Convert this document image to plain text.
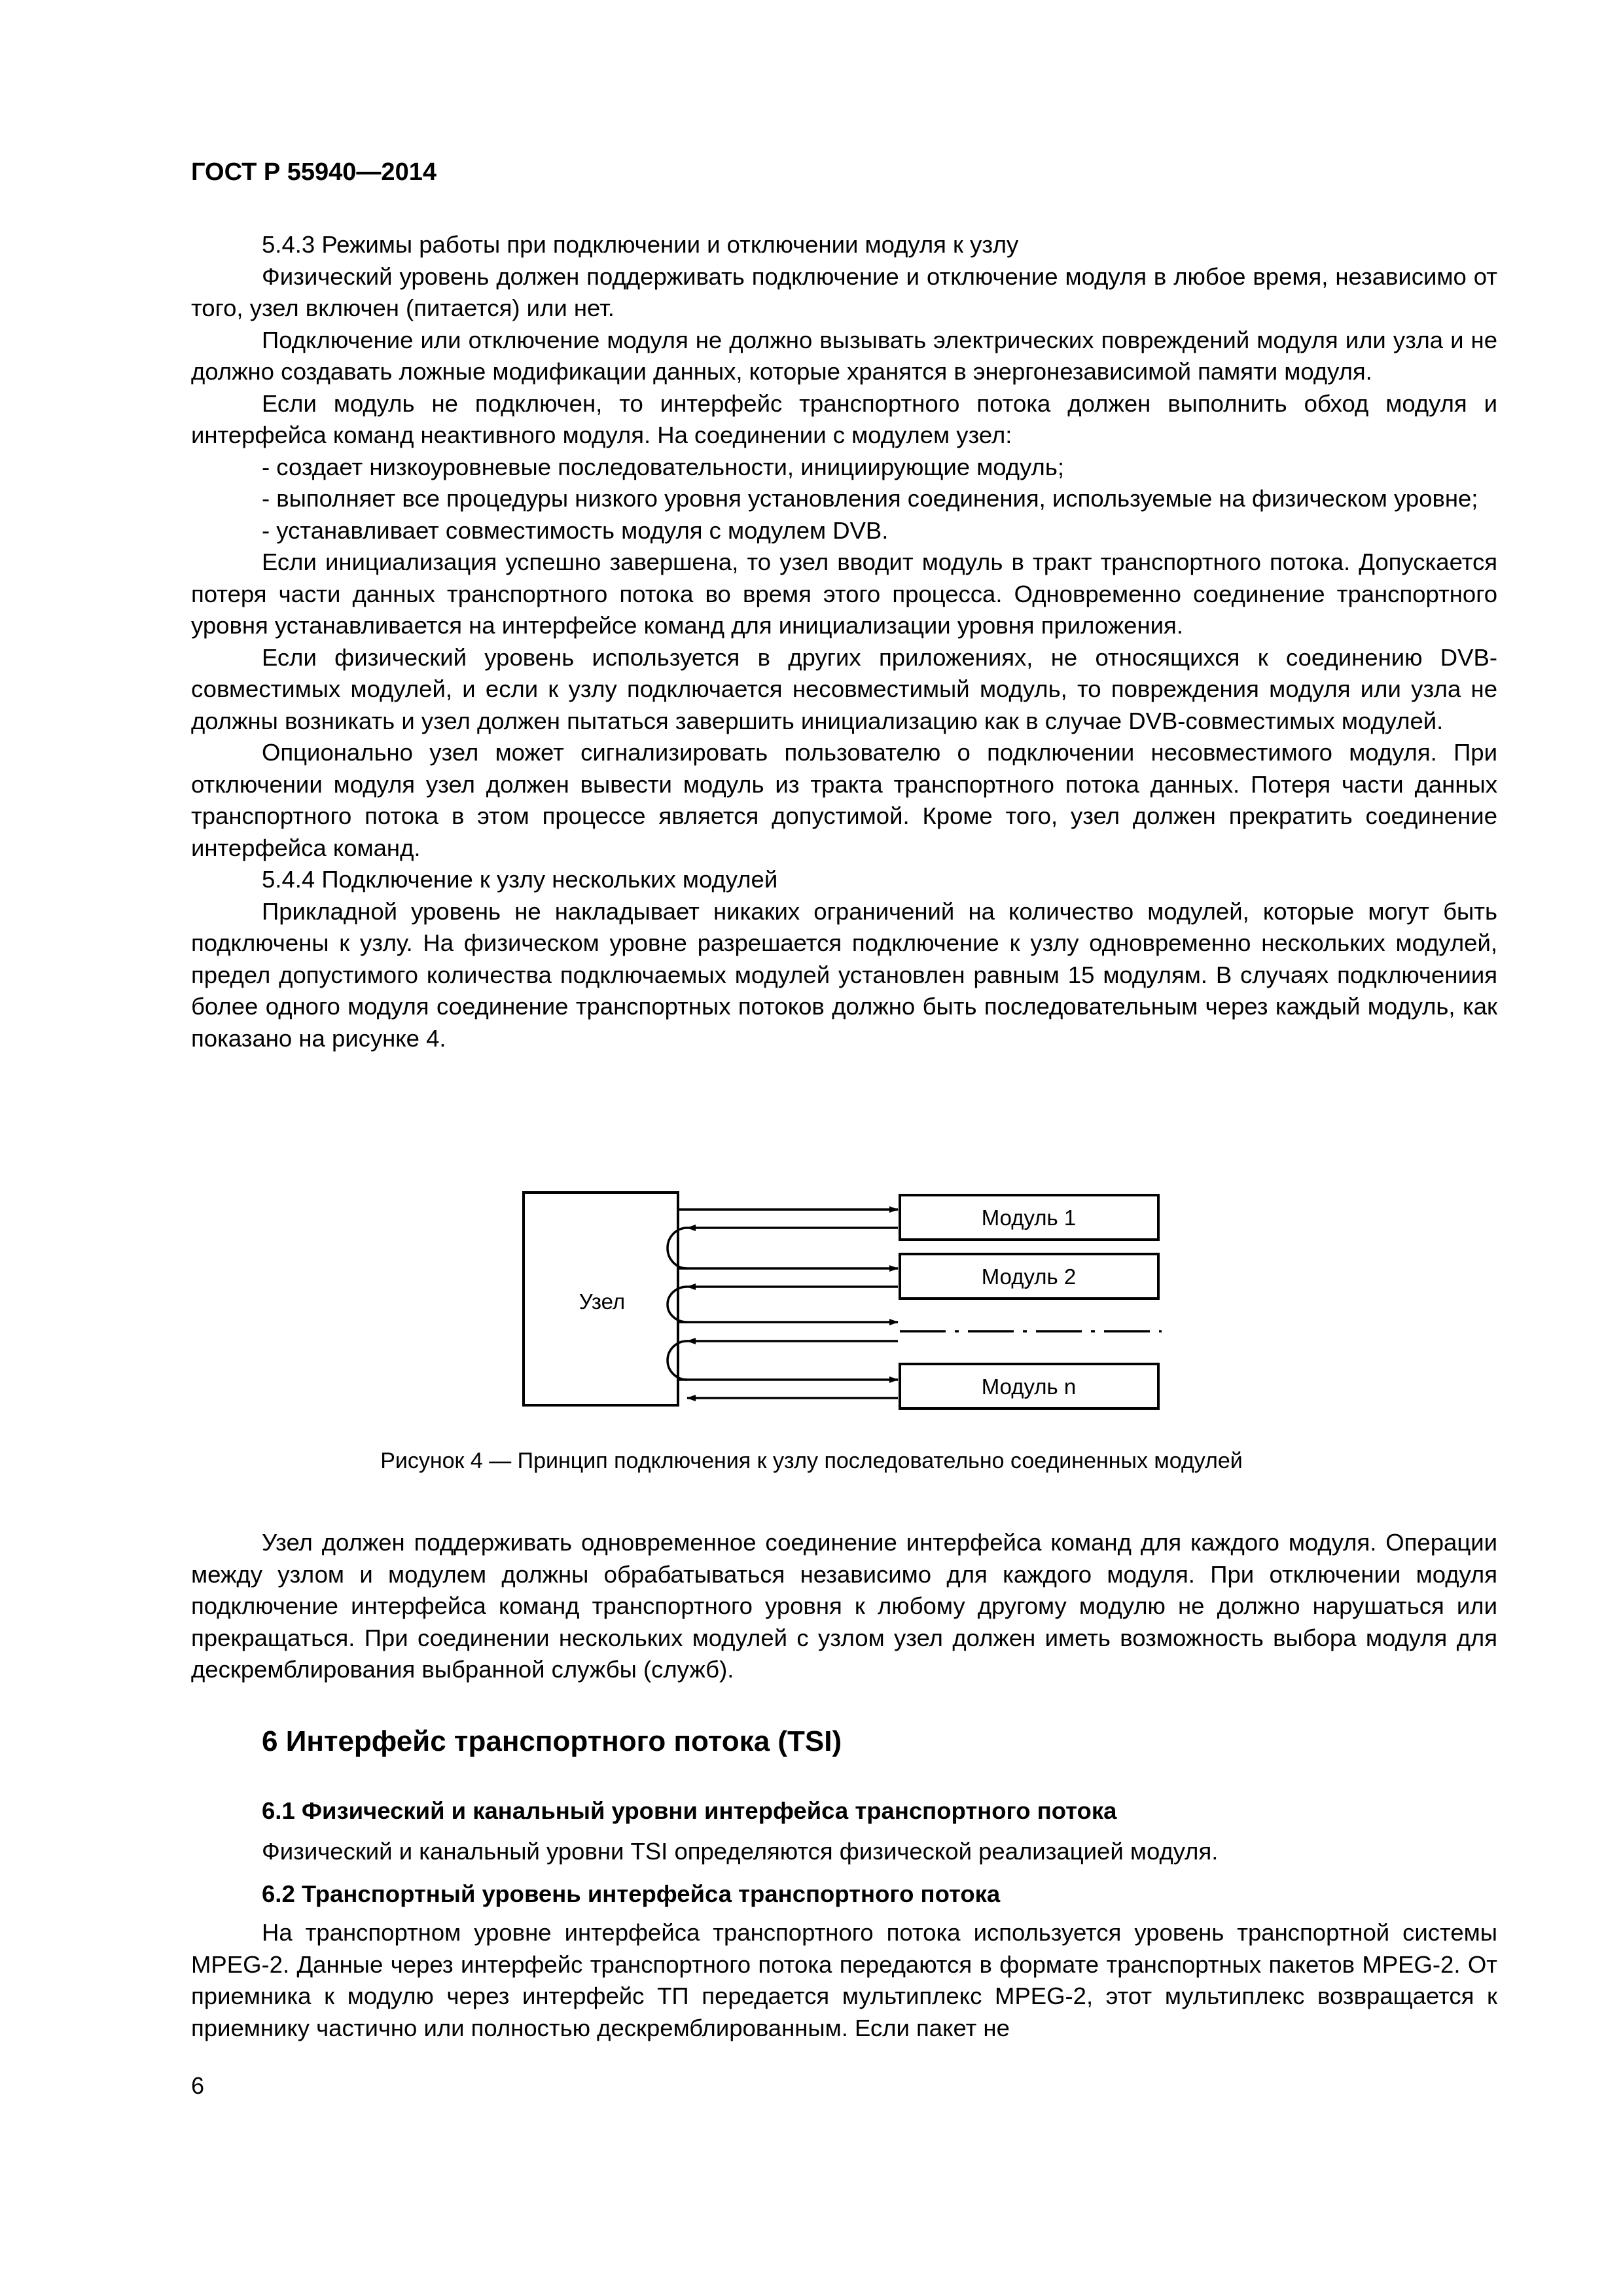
ГОСТ Р 55940—2014

5.4.3 Режимы работы при подключении и отключении модуля к узлу

Физический уровень должен поддерживать подключение и отключение модуля в любое время, независимо от того, узел включен (питается) или нет.

Подключение или отключение модуля не должно вызывать электрических повреждений модуля или узла и не должно создавать ложные модификации данных, которые хранятся в энергонезависимой памяти модуля.

Если модуль не подключен, то интерфейс транспортного потока должен выполнить обход модуля и интерфейса команд неактивного модуля. На соединении с модулем узел:

- создает низкоуровневые последовательности, инициирующие модуль;

- выполняет все процедуры низкого уровня установления соединения, используемые на физическом уровне;

- устанавливает совместимость модуля с модулем DVB.

Если инициализация успешно завершена, то узел вводит модуль в тракт транспортного потока. Допускается потеря части данных транспортного потока во время этого процесса. Одновременно соединение транспортного уровня устанавливается на интерфейсе команд для инициализации уровня приложения.

Если физический уровень используется в других приложениях, не относящихся к соединению DVB-совместимых модулей, и если к узлу подключается несовместимый модуль, то повреждения модуля или узла не должны возникать и узел должен пытаться завершить инициализацию как в случае DVB-совместимых модулей.

Опционально узел может сигнализировать пользователю о подключении несовместимого модуля. При отключении модуля узел должен вывести модуль из тракта транспортного потока данных. Потеря части данных транспортного потока в этом процессе является допустимой. Кроме того, узел должен прекратить соединение интерфейса команд.

5.4.4 Подключение к узлу нескольких модулей

Прикладной уровень не накладывает никаких ограничений на количество модулей, которые могут быть подключены к узлу. На физическом уровне разрешается подключение к узлу одновременно нескольких модулей, предел допустимого количества подключаемых модулей установлен равным 15 модулям. В случаях подключениия более одного модуля соединение транспортных потоков должно быть последовательным через каждый модуль, как показано на рисунке 4.

Узел
Модуль 1
Модуль 2
Модуль n
Рисунок 4 — Принцип подключения к узлу последовательно соединенных модулей

Узел должен поддерживать одновременное соединение интерфейса команд для каждого модуля. Операции между узлом и модулем должны обрабатываться независимо для каждого модуля. При отключении модуля подключение интерфейса команд транспортного уровня к любому другому модулю не должно нарушаться или прекращаться. При соединении нескольких модулей с узлом узел должен иметь возможность выбора модуля для дескремблирования выбранной службы (служб).

6 Интерфейс транспортного потока (TSI)
6.1 Физический и канальный уровни интерфейса транспортного потока
Физический и канальный уровни TSI определяются физической реализацией модуля.
6.2 Транспортный уровень интерфейса транспортного потока

На транспортном уровне интерфейса транспортного потока используется уровень транспортной системы MPEG-2. Данные через интерфейс транспортного потока передаются в формате транспортных пакетов MPEG-2. От приемника к модулю через интерфейс ТП передается мультиплекс MPEG-2, этот мультиплекс возвращается к приемнику частично или полностью дескремблированным. Если пакет не

6
